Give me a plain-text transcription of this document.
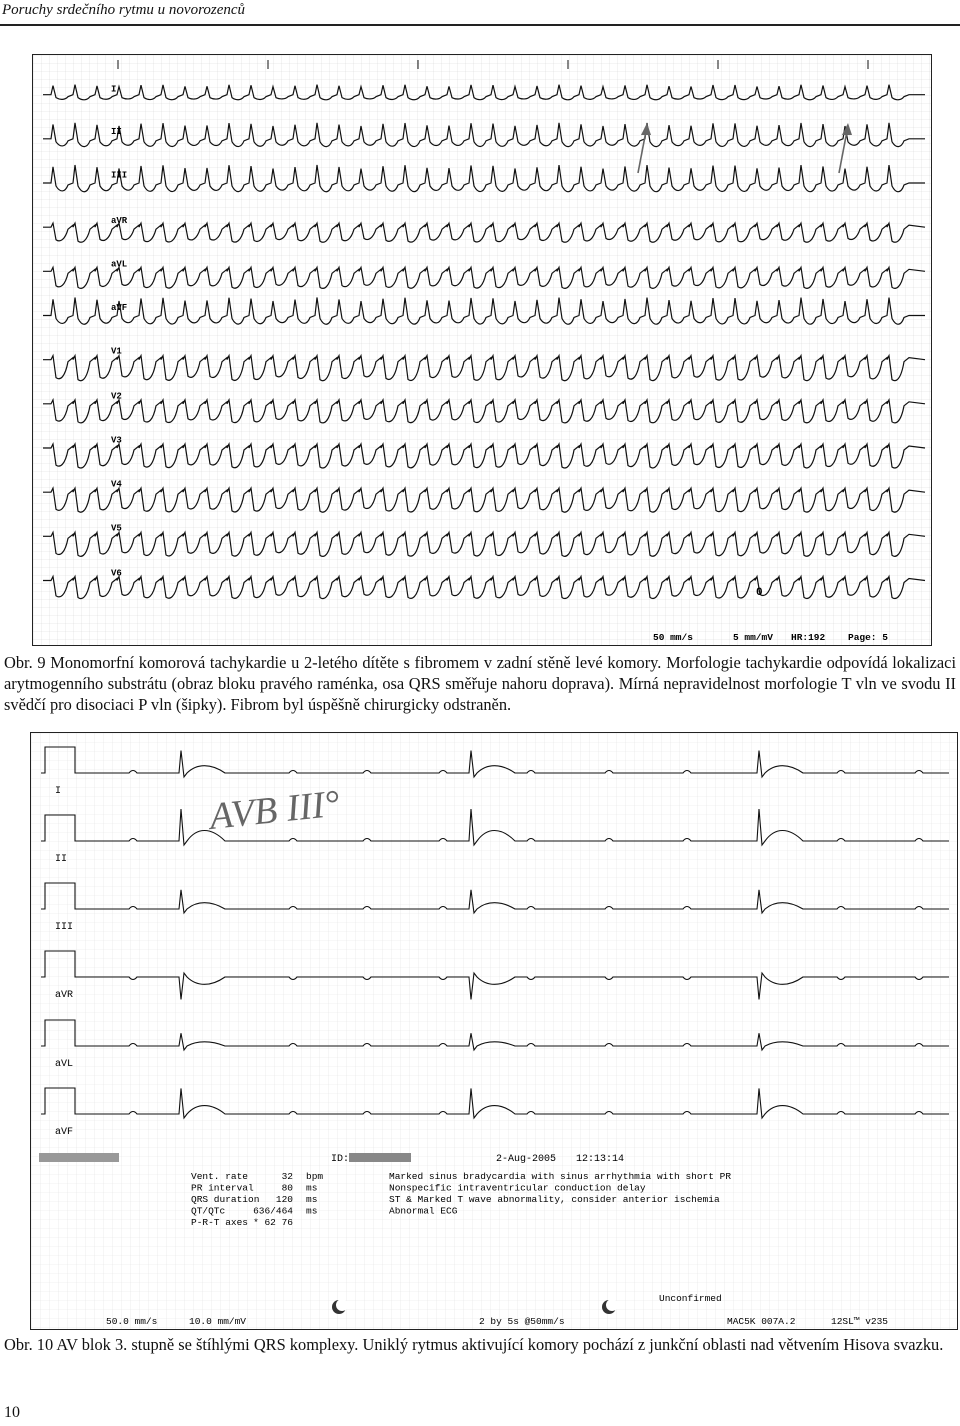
Poruchy srdečního rytmu u novorozenců
I
II
III
aVR
aVL
aVF
V1
V2
V3
V4
V5
V6
0
50 mm/s	5 mm/mV HR:192 Page: 5
Obr. 9 Monomorfní komorová tachykardie u 2-letého dítěte s fibromem v zadní stěně levé komory. Morfologie tachykardie odpovídá lokalizaci arytmogenního substrátu (obraz bloku pravého raménka, osa QRS směřuje nahoru doprava). Mírná nepravidelnost morfologie T vln ve svodu II svědčí pro disociaci P vln (šipky). Fibrom byl úspěšně chirurgicky odstraněn.
I
II
III
aVR
aVL
aVF
AVB III°
ID:	2-Aug-2005 12:13:14
Vent. rate	32 bpm
PR interval	80 ms
QRS duration 120 ms
QT/QTc	636/464 ms
P-R-T axes * 62 76
Marked sinus bradycardia with sinus arrhythmia with short PR
Nonspecific intraventricular conduction delay
ST & Marked T wave abnormality, consider anterior ischemia
Abnormal ECG
Unconfirmed
50.0 mm/s	10.0 mm/mV	2 by 5s @50mm/s	MAC5K 007A.2	12SL™ v235
Obr. 10 AV blok 3. stupně se štíhlými QRS komplexy. Uniklý rytmus aktivující komory pochází z junkční oblasti nad větvením Hisova svazku.
10
